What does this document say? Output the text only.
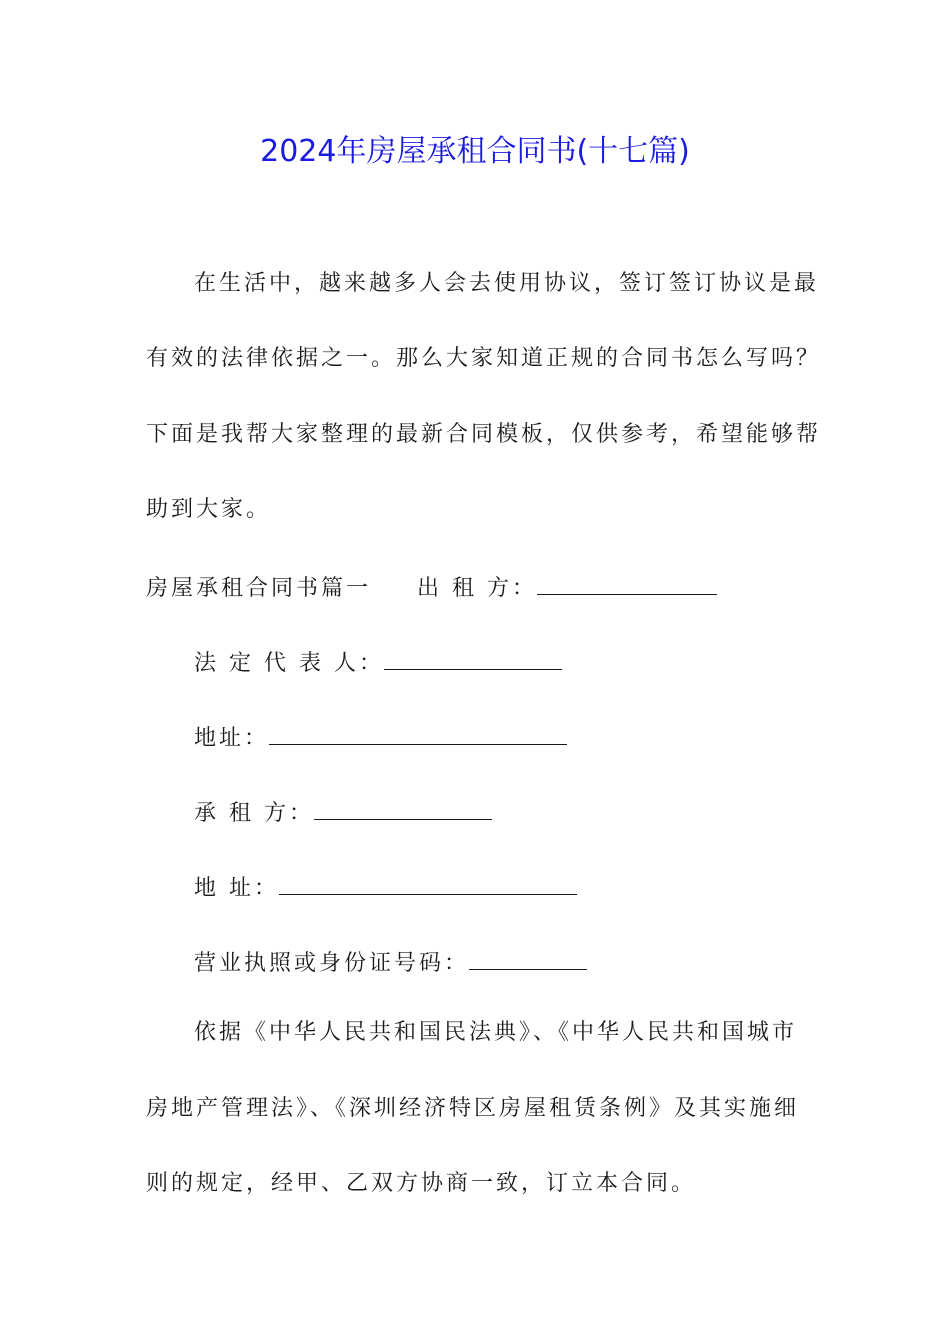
2024年房屋承租合同书(十七篇)
在生活中，越来越多人会去使用协议，签订签订协议是最
有效的法律依据之一。那么大家知道正规的合同书怎么写吗？
下面是我帮大家整理的最新合同模板，仅供参考，希望能够帮
助到大家。
房屋承租合同书篇一 出 租 方：
法 定 代 表 人：
地址：
承 租 方：
地 址：
营业执照或身份证号码：
依据《中华人民共和国民法典》、《中华人民共和国城市
房地产管理法》、《深圳经济特区房屋租赁条例》及其实施细
则的规定，经甲、乙双方协商一致，订立本合同。
